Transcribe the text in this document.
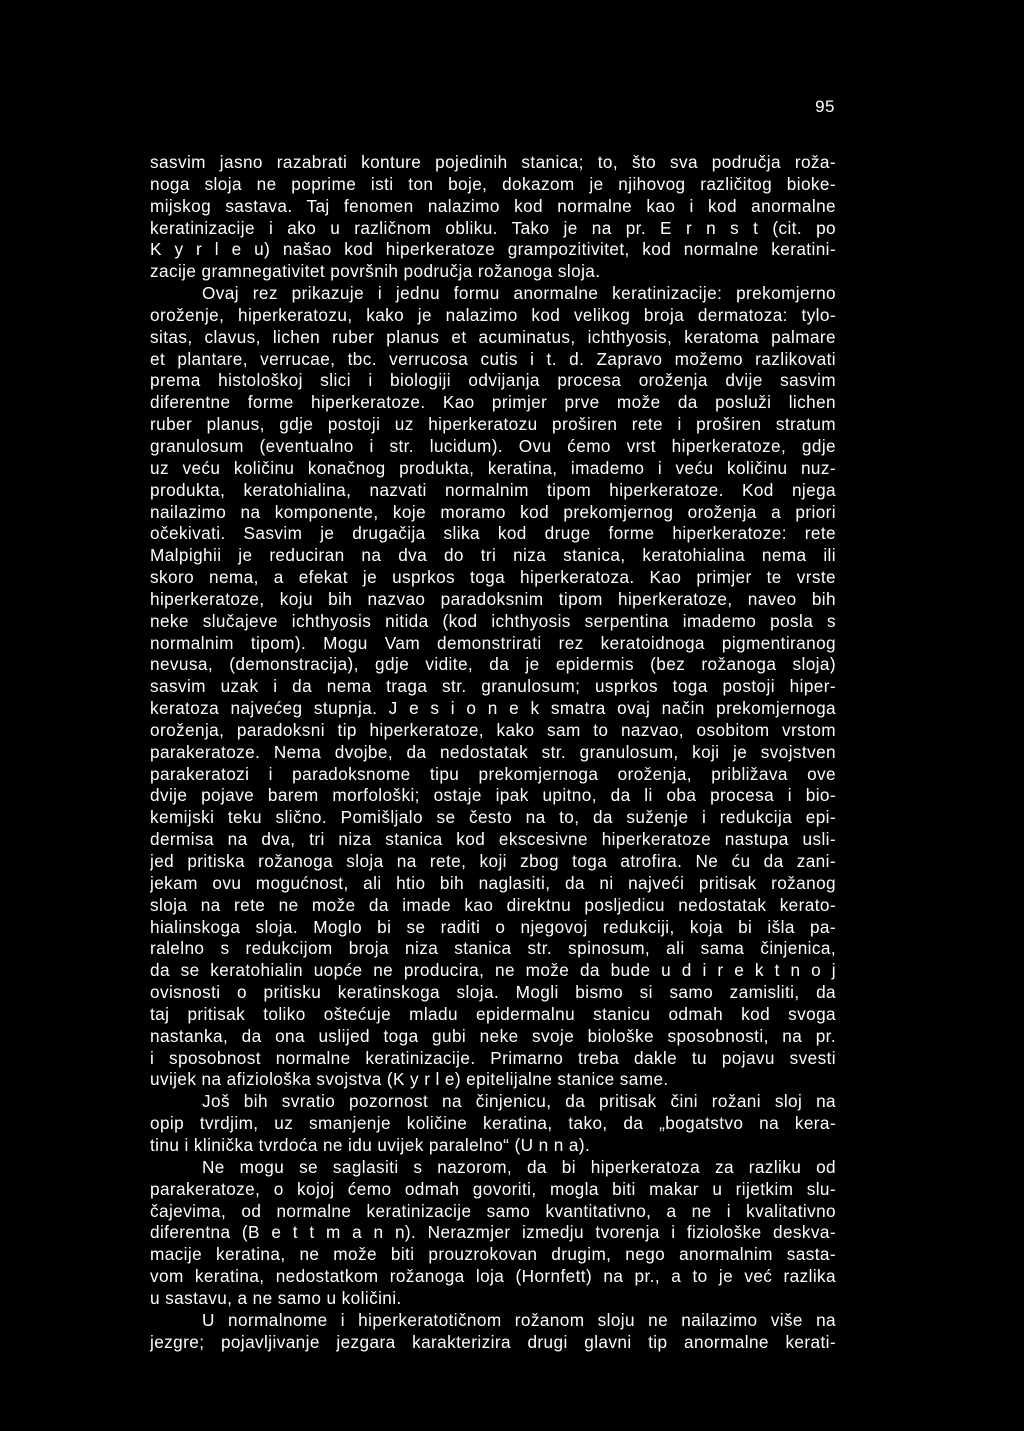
95
sasvim jasno razabrati konture pojedinih stanica; to, što sva područja roža-
noga sloja ne poprime isti ton boje, dokazom je njihovog različitog bioke-
mijskog sastava. Taj fenomen nalazimo kod normalne kao i kod anormalne
keratinizacije i ako u različnom obliku. Tako je na pr. E r n s t (cit. po
K y r l e u) našao kod hiperkeratoze grampozitivitet, kod normalne keratini-
zacije gramnegativitet površnih područja rožanoga sloja.
Ovaj rez prikazuje i jednu formu anormalne keratinizacije: prekomjerno
oroženje, hiperkeratozu, kako je nalazimo kod velikog broja dermatoza: tylo-
sitas, clavus, lichen ruber planus et acuminatus, ichthyosis, keratoma palmare
et plantare, verrucae, tbc. verrucosa cutis i t. d. Zapravo možemo razlikovati
prema histološkoj slici i biologiji odvijanja procesa oroženja dvije sasvim
diferentne forme hiperkeratoze. Kao primjer prve može da posluži lichen
ruber planus, gdje postoji uz hiperkeratozu proširen rete i proširen stratum
granulosum (eventualno i str. lucidum). Ovu ćemo vrst hiperkeratoze, gdje
uz veću količinu konačnog produkta, keratina, imademo i veću količinu nuz-
produkta, keratohialina, nazvati normalnim tipom hiperkeratoze. Kod njega
nailazimo na komponente, koje moramo kod prekomjernog oroženja a priori
očekivati. Sasvim je drugačija slika kod druge forme hiperkeratoze: rete
Malpighii je reduciran na dva do tri niza stanica, keratohialina nema ili
skoro nema, a efekat je usprkos toga hiperkeratoza. Kao primjer te vrste
hiperkeratoze, koju bih nazvao paradoksnim tipom hiperkeratoze, naveo bih
neke slučajeve ichthyosis nitida (kod ichthyosis serpentina imademo posla s
normalnim tipom). Mogu Vam demonstrirati rez keratoidnoga pigmentiranog
nevusa, (demonstracija), gdje vidite, da je epidermis (bez rožanoga sloja)
sasvim uzak i da nema traga str. granulosum; usprkos toga postoji hiper-
keratoza najvećeg stupnja. J e s i o n e k smatra ovaj način prekomjernoga
oroženja, paradoksni tip hiperkeratoze, kako sam to nazvao, osobitom vrstom
parakeratoze. Nema dvojbe, da nedostatak str. granulosum, koji je svojstven
parakeratozi i paradoksnome tipu prekomjernoga oroženja, približava ove
dvije pojave barem morfološki; ostaje ipak upitno, da li oba procesa i bio-
kemijski teku slično. Pomišljalo se često na to, da suženje i redukcija epi-
dermisa na dva, tri niza stanica kod ekscesivne hiperkeratoze nastupa usli-
jed pritiska rožanoga sloja na rete, koji zbog toga atrofira. Ne ću da zani-
jekam ovu mogućnost, ali htio bih naglasiti, da ni najveći pritisak rožanog
sloja na rete ne može da imade kao direktnu posljedicu nedostatak kerato-
hialinskoga sloja. Moglo bi se raditi o njegovoj redukciji, koja bi išla pa-
ralelno s redukcijom broja niza stanica str. spinosum, ali sama činjenica,
da se keratohialin uopće ne producira, ne može da bude u d i r e k t n o j
ovisnosti o pritisku keratinskoga sloja. Mogli bismo si samo zamisliti, da
taj pritisak toliko oštećuje mladu epidermalnu stanicu odmah kod svoga
nastanka, da ona uslijed toga gubi neke svoje biološke sposobnosti, na pr.
i sposobnost normalne keratinizacije. Primarno treba dakle tu pojavu svesti
uvijek na afiziološka svojstva (K y r l e) epitelijalne stanice same.
Još bih svratio pozornost na činjenicu, da pritisak čini rožani sloj na
opip tvrdjim, uz smanjenje količine keratina, tako, da „bogatstvo na kera-
tinu i klinička tvrdoća ne idu uvijek paralelno“ (U n n a).
Ne mogu se saglasiti s nazorom, da bi hiperkeratoza za razliku od
parakeratoze, o kojoj ćemo odmah govoriti, mogla biti makar u rijetkim slu-
čajevima, od normalne keratinizacije samo kvantitativno, a ne i kvalitativno
diferentna (B e t t m a n n). Nerazmjer izmedju tvorenja i fiziološke deskva-
macije keratina, ne može biti prouzrokovan drugim, nego anormalnim sasta-
vom keratina, nedostatkom rožanoga loja (Hornfett) na pr., a to je već razlika
u sastavu, a ne samo u količini.
U normalnome i hiperkeratotičnom rožanom sloju ne nailazimo više na
jezgre; pojavljivanje jezgara karakterizira drugi glavni tip anormalne kerati-
